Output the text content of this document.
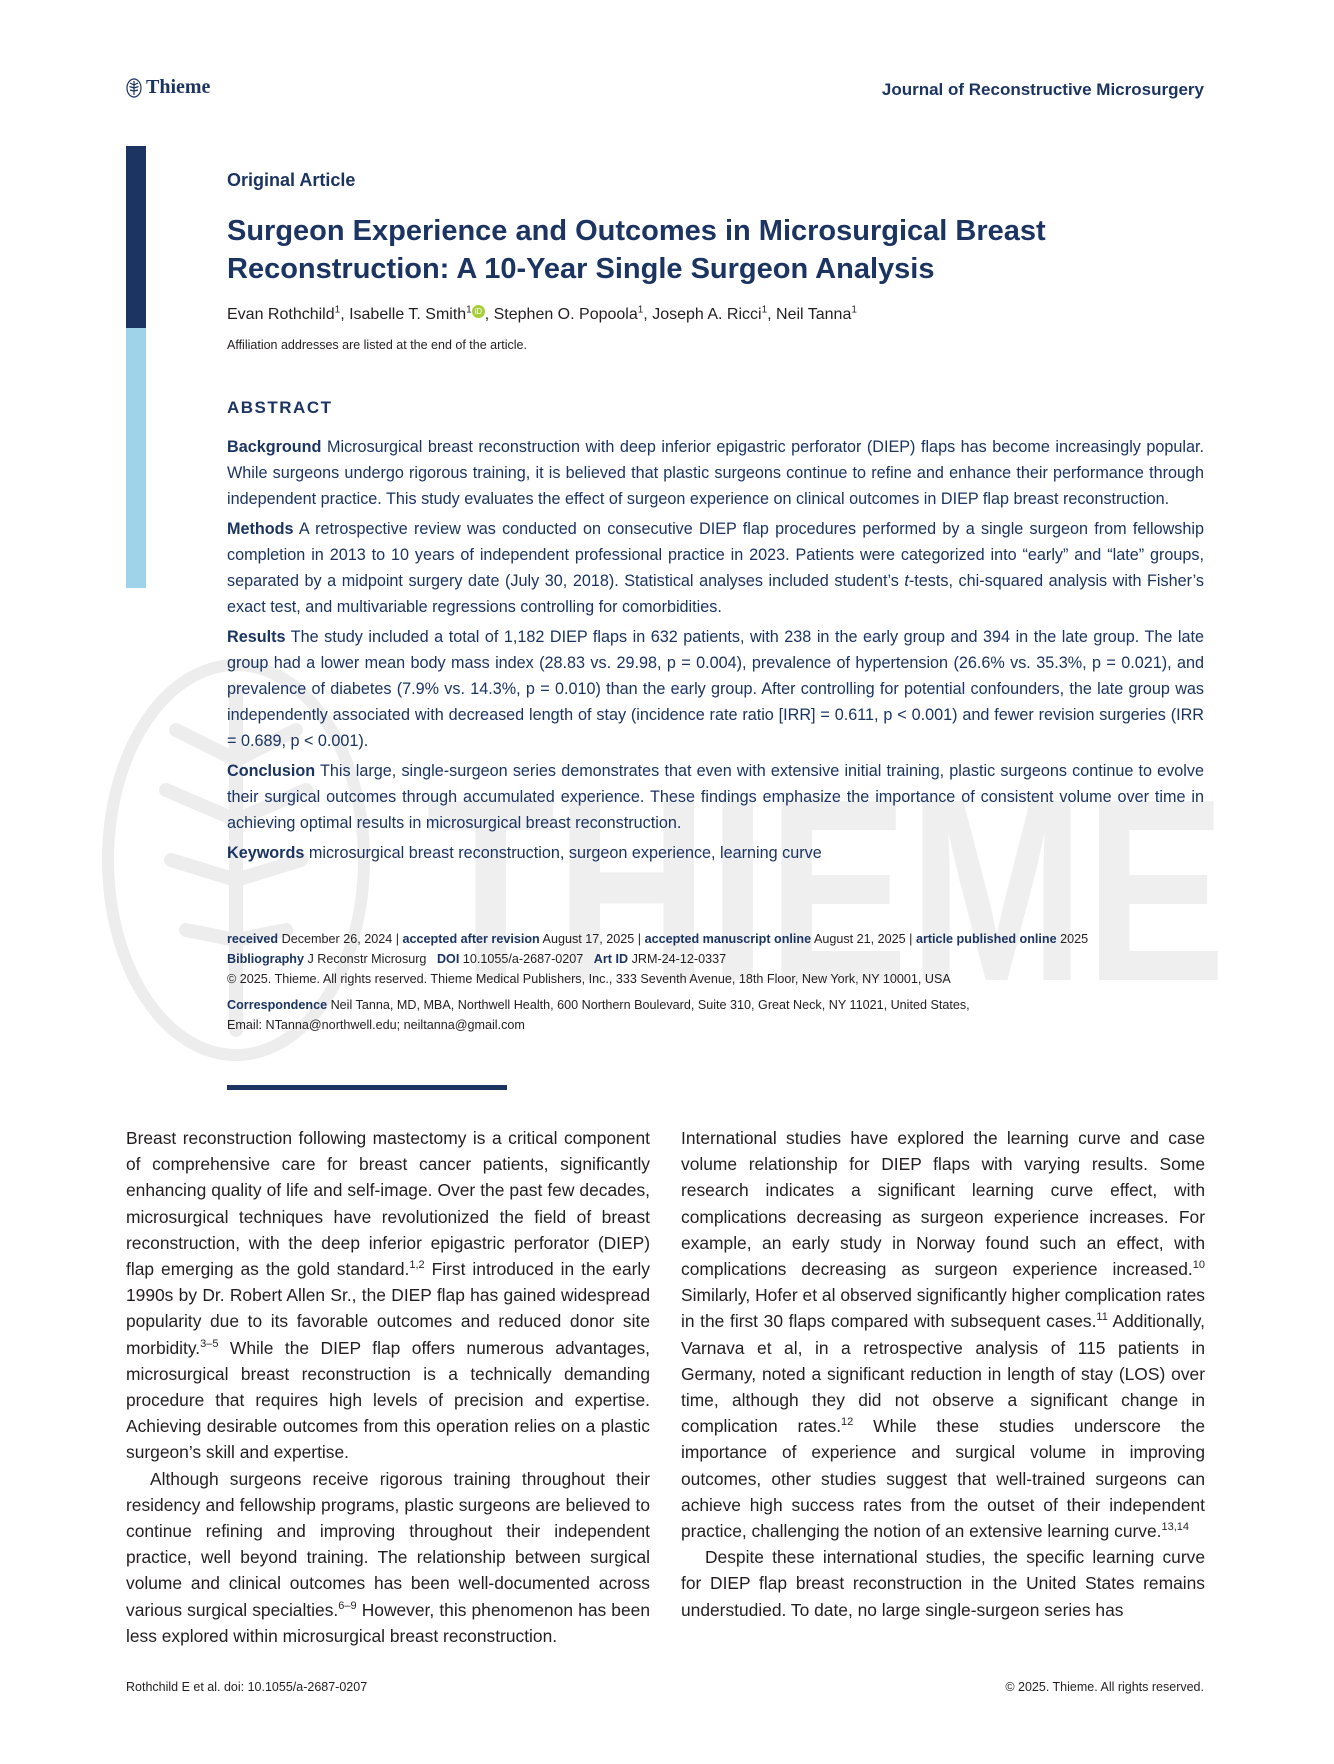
Thieme	Journal of Reconstructive Microsurgery
THIEME
Original Article
Surgeon Experience and Outcomes in Microsurgical Breast
Reconstruction: A 10-Year Single Surgeon Analysis
Evan Rothchild$^1$, Isabelle T. Smith$^1$ iD , Stephen O. Popoola$^1$, Joseph A. Ricci$^1$, Neil Tanna$^1$
Affiliation addresses are listed at the end of the article.
ABSTRACT

Background Microsurgical breast reconstruction with deep inferior epigastric perforator (DIEP) flaps has become increasingly popular. While surgeons undergo rigorous training, it is believed that plastic surgeons continue to refine and enhance their performance through independent practice. This study evaluates the effect of surgeon experience on clinical outcomes in DIEP flap breast reconstruction.

Methods A retrospective review was conducted on consecutive DIEP flap procedures performed by a single surgeon from fellowship completion in 2013 to 10 years of independent professional practice in 2023. Patients were categorized into “early” and “late” groups, separated by a midpoint surgery date (July 30, 2018). Statistical analyses included student’s t-tests, chi-squared analysis with Fisher’s exact test, and multivariable regressions controlling for comorbidities.

Results The study included a total of 1,182 DIEP flaps in 632 patients, with 238 in the early group and 394 in the late group. The late group had a lower mean body mass index (28.83 vs. 29.98, p = 0.004), prevalence of hypertension (26.6% vs. 35.3%, p = 0.021), and prevalence of diabetes (7.9% vs. 14.3%, p = 0.010) than the early group. After controlling for potential confounders, the late group was independently associated with decreased length of stay (incidence rate ratio [IRR] = 0.611, p < 0.001) and fewer revision surgeries (IRR = 0.689, p < 0.001).

Conclusion This large, single-surgeon series demonstrates that even with extensive initial training, plastic surgeons continue to evolve their surgical outcomes through accumulated experience. These findings emphasize the importance of consistent volume over time in achieving optimal results in microsurgical breast reconstruction.

Keywords microsurgical breast reconstruction, surgeon experience, learning curve

received December 26, 2024 | accepted after revision August 17, 2025 | accepted manuscript online August 21, 2025 | article published online 2025
Bibliography J Reconstr Microsurg DOI 10.1055/a-2687-0207 Art ID JRM-24-12-0337
© 2025. Thieme. All rights reserved. Thieme Medical Publishers, Inc., 333 Seventh Avenue, 18th Floor, New York, NY 10001, USA
Correspondence Neil Tanna, MD, MBA, Northwell Health, 600 Northern Boulevard, Suite 310, Great Neck, NY 11021, United States,
Email: NTanna@northwell.edu; neiltanna@gmail.com

Breast reconstruction following mastectomy is a critical component of comprehensive care for breast cancer patients, significantly enhancing quality of life and self-image. Over the past few decades, microsurgical techniques have revolutionized the field of breast reconstruction, with the deep inferior epigastric perforator (DIEP) flap emerging as the gold standard.$^{1,2}$ First introduced in the early 1990s by Dr. Robert Allen Sr., the DIEP flap has gained widespread popularity due to its favorable outcomes and reduced donor site morbidity.$^{3-5}$ While the DIEP flap offers numerous advantages, microsurgical breast reconstruction is a technically demanding procedure that requires high levels of precision and expertise. Achieving desirable outcomes from this operation relies on a plastic surgeon’s skill and expertise.

Although surgeons receive rigorous training throughout their residency and fellowship programs, plastic surgeons are believed to continue refining and improving throughout their independent practice, well beyond training. The relationship between surgical volume and clinical outcomes has been well-documented across various surgical specialties.$^{6-9}$ However, this phenomenon has been less explored within microsurgical breast reconstruction.

International studies have explored the learning curve and case volume relationship for DIEP flaps with varying results. Some research indicates a significant learning curve effect, with complications decreasing as surgeon experience increases. For example, an early study in Norway found such an effect, with complications decreasing as surgeon experience increased.$^{10}$ Similarly, Hofer et al observed significantly higher complication rates in the first 30 flaps compared with subsequent cases.$^{11}$ Additionally, Varnava et al, in a retrospective analysis of 115 patients in Germany, noted a significant reduction in length of stay (LOS) over time, although they did not observe a significant change in complication rates.$^{12}$ While these studies underscore the importance of experience and surgical volume in improving outcomes, other studies suggest that well-trained surgeons can achieve high success rates from the outset of their independent practice, challenging the notion of an extensive learning curve.$^{13,14}$

Despite these international studies, the specific learning curve for DIEP flap breast reconstruction in the United States remains understudied. To date, no large single-surgeon series has

Rothchild E et al. doi: 10.1055/a-2687-0207	© 2025. Thieme. All rights reserved.
